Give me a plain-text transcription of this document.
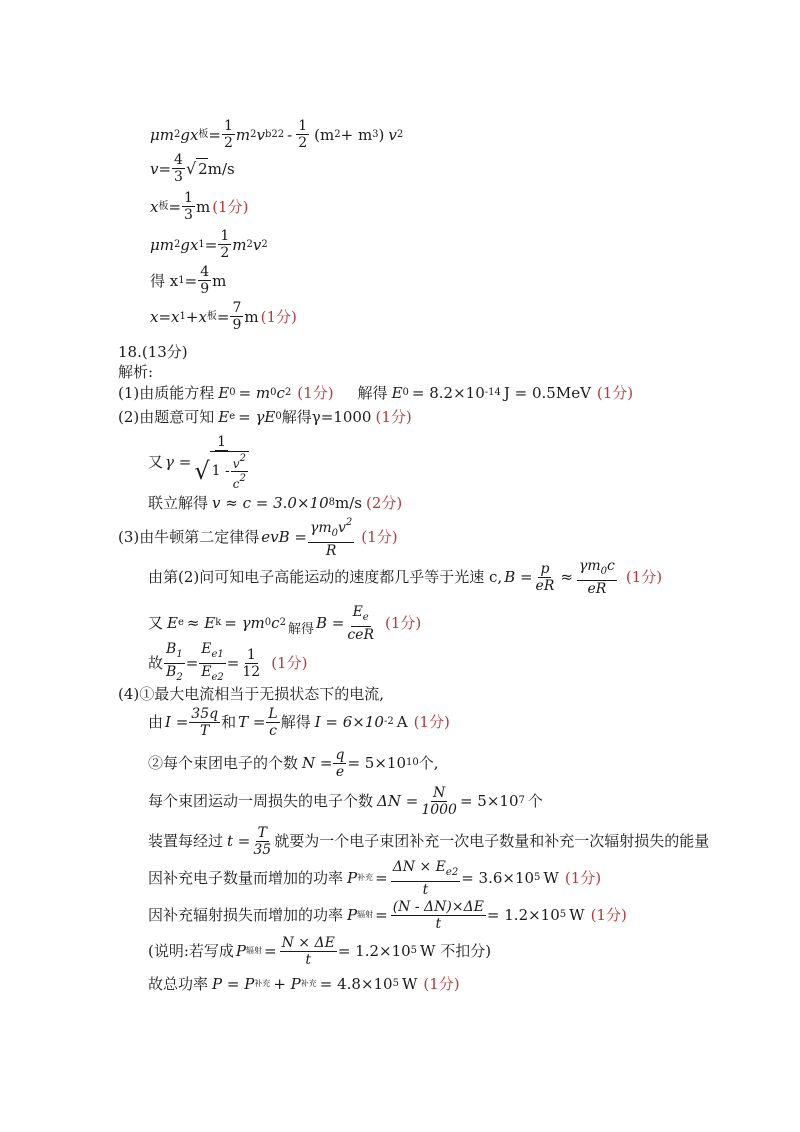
μm 2 gx 板 = $\frac{1}{2}$ m 2 v b2 $2 - \frac{1}{2} (m$ 2 + m 3 ) v 2
$v= \frac{4}{3}$ √ 2 m/s
x 板 = $\frac{1}{3}$ m (1分)
μm 2 gx $1 = \frac{1}{2}$ m 2 v 2
得 x $1 = \frac{4}{9}$ m
x=x 1 +x 板 = $\frac{7}{9}$ m (1分)
18.(13分)
解析:
(1)由质能方程 E 0 = m 0 c 2 (1分) 解得 E 0 = 8.2×10 -14 J = 0.5MeV (1分)
(2)由题意可知 E e = γE 0 解得γ=1000 (1分)
又 γ =
1
√ $1 - \frac{v^2}{c^2}$
联立解得 v ≈ c = 3.0×10 8 m/s (2分)
(3)由牛顿第二定律得 evB = $\frac{\gamma m_0v^2}{R} (1$分)
由第(2)问可知电子高能运动的速度都几乎等于光速 c, $B = \frac{p}{eR} \approx \frac{\gamma m_0c}{eR} (1$分)
又 E e ≈ E k = γm 0 c 2 解得 $B = \frac{E_e}{\text{ceR}} (1$分)
故 $\frac{B_1}{B_2} = \frac{E_{e1}}{E_{e2}} = \frac{1}{12} (1$分)
(4)①最大电流相当于无损状态下的电流,
由 $I = \frac{35q}{T}$ 和 $T = \frac{L}{c}$ 解得 I = 6×10 -2 A (1分)
②每个束团电子的个数 $N = \frac{q}{e} = 5\times 10$ 10 个,
每个束团运动一周损失的电子个数 $\Delta N = \frac{N}{1000} = 5\times 10$ 7 个
装置每经过 $t = \frac{T}{35}$ 就要为一个电子束团补充一次电子数量和补充一次辐射损失的能量
因补充电子数量而增加的功率 P 补充 = $\frac{\Delta N \times E_{e2}}{t} = 3.6\times 10$ 5 W (1分)
因补充辐射损失而增加的功率 P 辐射 = $\frac{(N - \Delta N)\times\Delta E}{t} = 1.2\times 10$ 5 W (1分)
(说明:若写成 P 辐射 = $\frac{N \times \Delta E}{t} = 1.2\times 10$ 5 W 不扣分)
故总功率 P = P 补充 + P 补充 = 4.8×10 5 W (1分)
